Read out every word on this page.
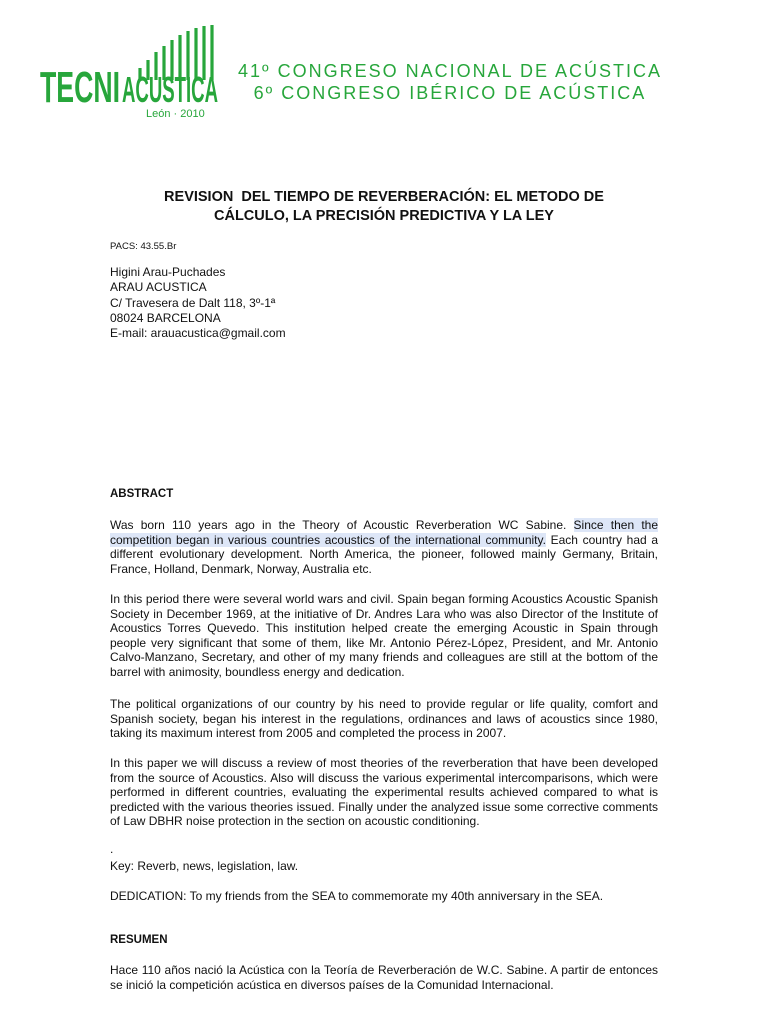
TECNI ACUSTICA
León · 2010
41º CONGRESO NACIONAL DE ACÚSTICA
6º CONGRESO IBÉRICO DE ACÚSTICA
REVISION  DEL TIEMPO DE REVERBERACIÓN: EL METODO DE
CÁLCULO, LA PRECISIÓN PREDICTIVA Y LA LEY
PACS: 43.55.Br
Higini Arau-Puchades
ARAU ACUSTICA
C/ Travesera de Dalt 118, 3º-1ª
08024 BARCELONA
E-mail: arauacustica@gmail.com
ABSTRACT
Was born 110 years ago in the Theory of Acoustic Reverberation WC Sabine. Since then the competition began in various countries acoustics of the international community. Each country had a different evolutionary development. North America, the pioneer, followed mainly Germany, Britain, France, Holland, Denmark, Norway, Australia etc.
In this period there were several world wars and civil. Spain began forming Acoustics Acoustic Spanish Society in December 1969, at the initiative of Dr. Andres Lara who was also Director of the Institute of Acoustics Torres Quevedo. This institution helped create the emerging Acoustic in Spain through people very significant that some of them, like Mr. Antonio Pérez-López, President, and Mr. Antonio Calvo-Manzano, Secretary, and other of my many friends and colleagues are still at the bottom of the barrel with animosity, boundless energy and dedication.
The political organizations of our country by his need to provide regular or life quality, comfort and Spanish society, began his interest in the regulations, ordinances and laws of acoustics since 1980, taking its maximum interest from 2005 and completed the process in 2007.
In this paper we will discuss a review of most theories of the reverberation that have been developed from the source of Acoustics. Also will discuss the various experimental intercomparisons, which were performed in different countries, evaluating the experimental results achieved compared to what is predicted with the various theories issued. Finally under the analyzed issue some corrective comments of Law DBHR noise protection in the section on acoustic conditioning.
.
Key: Reverb, news, legislation, law.
DEDICATION: To my friends from the SEA to commemorate my 40th anniversary in the SEA.
RESUMEN
Hace 110 años nació la Acústica con la Teoría de Reverberación de W.C. Sabine. A partir de entonces se inició la competición acústica en diversos países de la Comunidad Internacional.
